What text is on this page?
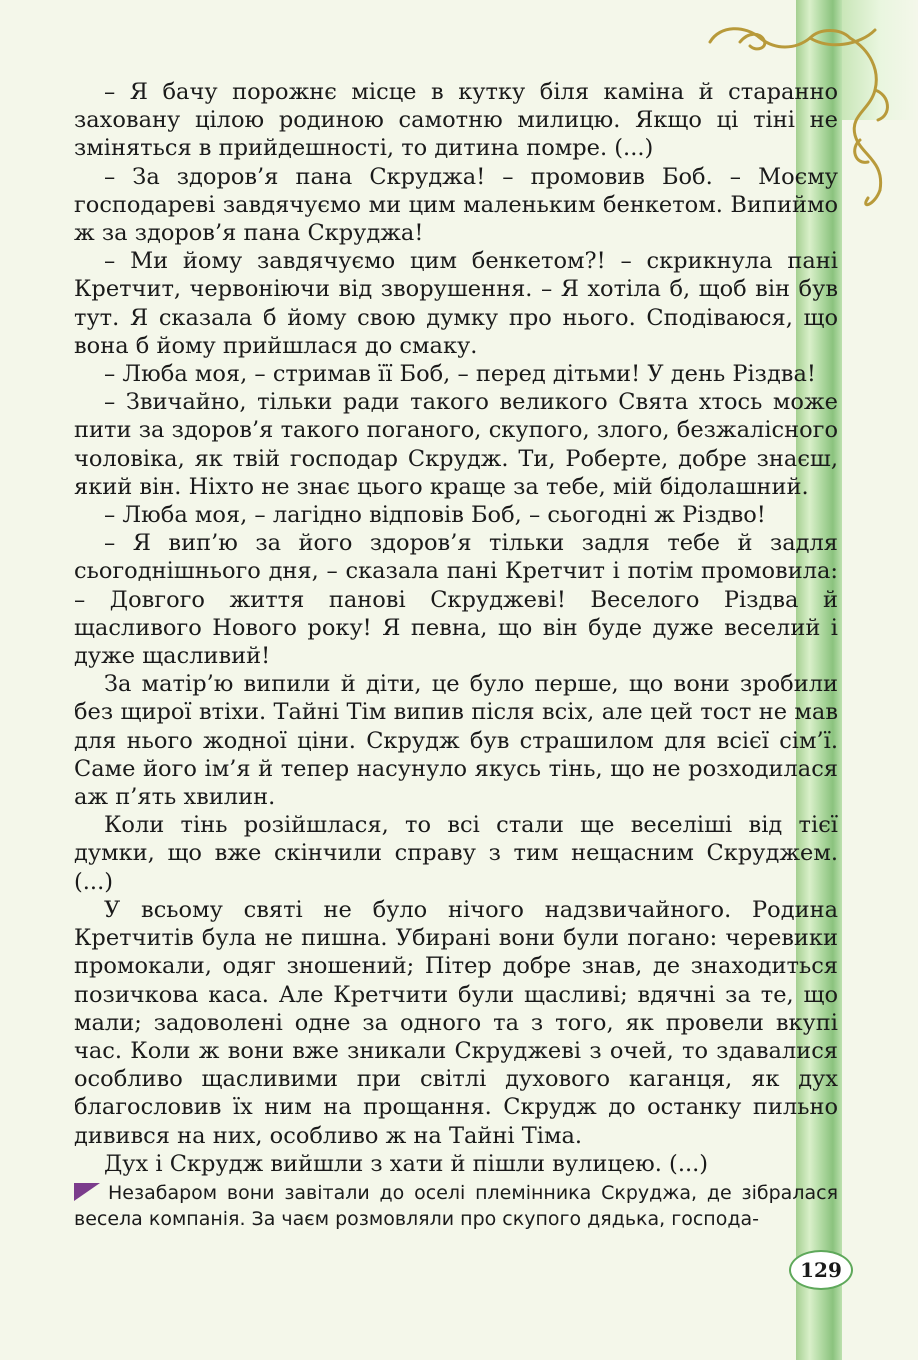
– Я бачу порожнє місце в кутку біля каміна й старанно заховану цілою родиною самотню милицю. Якщо ці тіні не зміняться в прийдешності, то дитина помре. (...)

– За здоров’я пана Скруджа! – промовив Боб. – Моєму господареві завдячуємо ми цим маленьким бенкетом. Випиймо ж за здоров’я пана Скруджа!

– Ми йому завдячуємо цим бенкетом?! – скрикнула пані Кретчит, червоніючи від зворушення. – Я хотіла б, щоб він був тут. Я сказала б йому свою думку про нього. Сподіваюся, що вона б йому прийшлася до смаку.

– Люба моя, – стримав її Боб, – перед дітьми! У день Різдва!

– Звичайно, тільки ради такого великого Свята хтось може пити за здоров’я такого поганого, скупого, злого, безжалісного чоловіка, як твій господар Скрудж. Ти, Роберте, добре знаєш, який він. Ніхто не знає цього краще за тебе, мій бідолашний.

– Люба моя, – лагідно відповів Боб, – сьогодні ж Різдво!

– Я вип’ю за його здоров’я тільки задля тебе й задля сьогоднішнього дня, – сказала пані Кретчит і потім промовила: – Довгого життя панові Скруджеві! Веселого Різдва й щасливого Нового року! Я певна, що він буде дуже веселий і дуже щасливий!

За матір’ю випили й діти, це було перше, що вони зробили без щирої втіхи. Тайні Тім випив після всіх, але цей тост не мав для нього жодної ціни. Скрудж був страшилом для всієї сім’ї. Саме його ім’я й тепер насунуло якусь тінь, що не розходилася аж п’ять хвилин.

Коли тінь розійшлася, то всі стали ще веселіші від тієї думки, що вже скінчили справу з тим нещасним Скруджем. (...)

У всьому святі не було нічого надзвичайного. Родина Кретчитів була не пишна. Убирані вони були погано: черевики промокали, одяг зношений; Пітер добре знав, де знаходиться позичкова каса. Але Кретчити були щасливі; вдячні за те, що мали; задоволені одне за одного та з того, як провели вкупі час. Коли ж вони вже зникали Скруджеві з очей, то здавалися особливо щасливими при світлі духового каганця, як дух благословив їх ним на прощання. Скрудж до останку пильно дивився на них, особливо ж на Тайні Тіма.

Дух і Скрудж вийшли з хати й пішли вулицею. (...)

Незабаром вони завітали до оселі племінника Скруджа, де зібралася весела компанія. За чаєм розмовляли про скупого дядька, господа-
129
